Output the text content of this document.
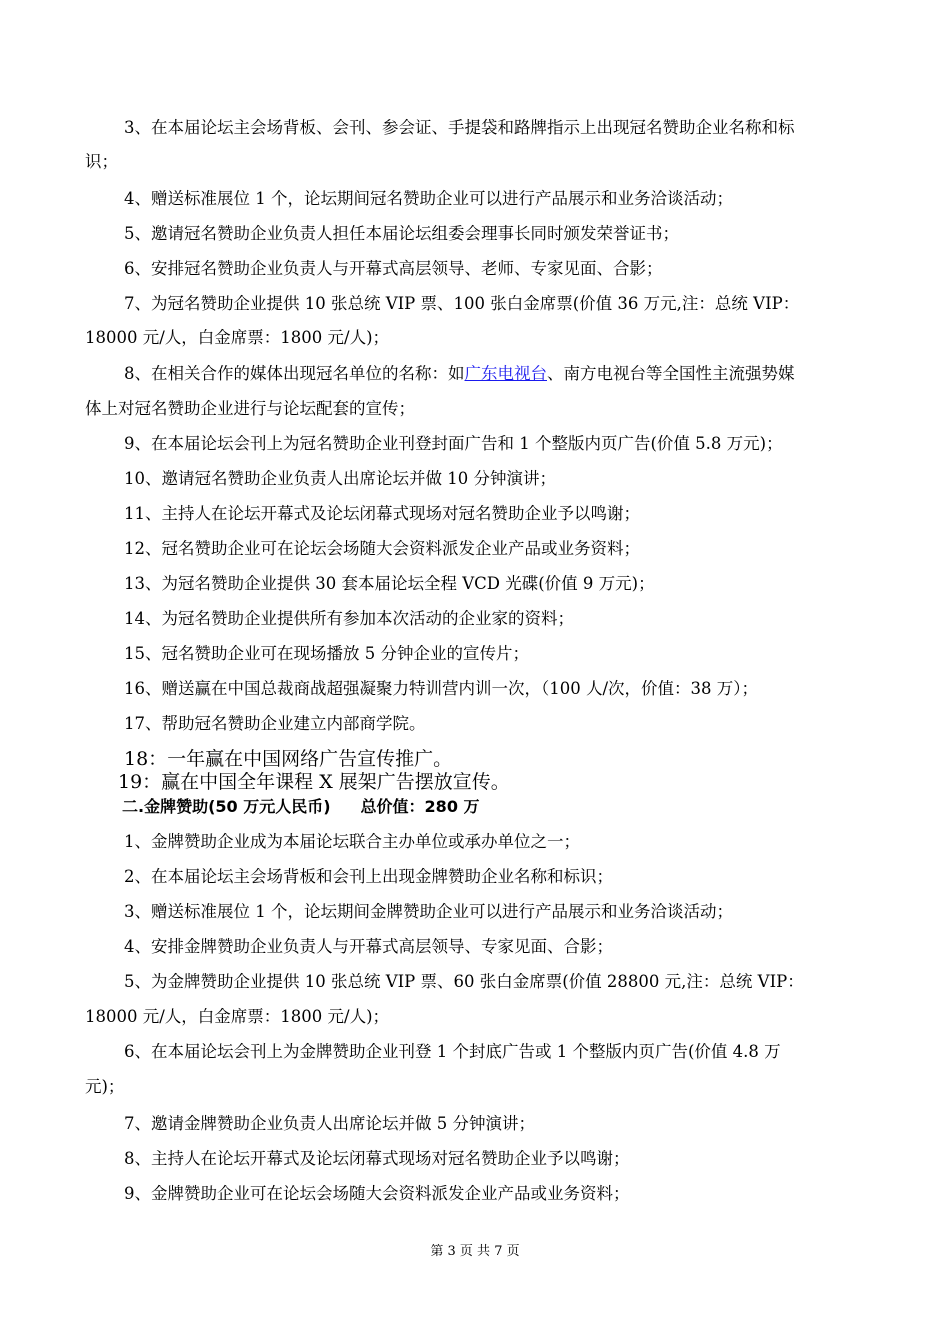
3、在本届论坛主会场背板、会刊、参会证、手提袋和路牌指示上出现冠名赞助企业名称和标
识；
4、赠送标准展位 1 个，论坛期间冠名赞助企业可以进行产品展示和业务洽谈活动；
5、邀请冠名赞助企业负责人担任本届论坛组委会理事长同时颁发荣誉证书；
6、安排冠名赞助企业负责人与开幕式高层领导、老师、专家见面、合影；
7、为冠名赞助企业提供 10 张总统 VIP 票、100 张白金席票(价值 36 万元,注：总统 VIP：
18000 元/人，白金席票：1800 元/人)；
8、在相关合作的媒体出现冠名单位的名称：如广东电视台、南方电视台等全国性主流强势媒
体上对冠名赞助企业进行与论坛配套的宣传；
9、在本届论坛会刊上为冠名赞助企业刊登封面广告和 1 个整版内页广告(价值 5.8 万元)；
10、邀请冠名赞助企业负责人出席论坛并做 10 分钟演讲；
11、主持人在论坛开幕式及论坛闭幕式现场对冠名赞助企业予以鸣谢；
12、冠名赞助企业可在论坛会场随大会资料派发企业产品或业务资料；
13、为冠名赞助企业提供 30 套本届论坛全程 VCD 光碟(价值 9 万元)；
14、为冠名赞助企业提供所有参加本次活动的企业家的资料；
15、冠名赞助企业可在现场播放 5 分钟企业的宣传片；
16、赠送赢在中国总裁商战超强凝聚力特训营内训一次，（100 人/次，价值：38 万）；
17、帮助冠名赞助企业建立内部商学院。
18：一年赢在中国网络广告宣传推广。
19：赢在中国全年课程 X 展架广告摆放宣传。
二.金牌赞助(50 万元人民币) 总价值：280 万
1、金牌赞助企业成为本届论坛联合主办单位或承办单位之一；
2、在本届论坛主会场背板和会刊上出现金牌赞助企业名称和标识；
3、赠送标准展位 1 个，论坛期间金牌赞助企业可以进行产品展示和业务洽谈活动；
4、安排金牌赞助企业负责人与开幕式高层领导、专家见面、合影；
5、为金牌赞助企业提供 10 张总统 VIP 票、60 张白金席票(价值 28800 元,注：总统 VIP：
18000 元/人，白金席票：1800 元/人)；
6、在本届论坛会刊上为金牌赞助企业刊登 1 个封底广告或 1 个整版内页广告(价值 4.8 万
元)；
7、邀请金牌赞助企业负责人出席论坛并做 5 分钟演讲；
8、主持人在论坛开幕式及论坛闭幕式现场对冠名赞助企业予以鸣谢；
9、金牌赞助企业可在论坛会场随大会资料派发企业产品或业务资料；
第 3 页 共 7 页
